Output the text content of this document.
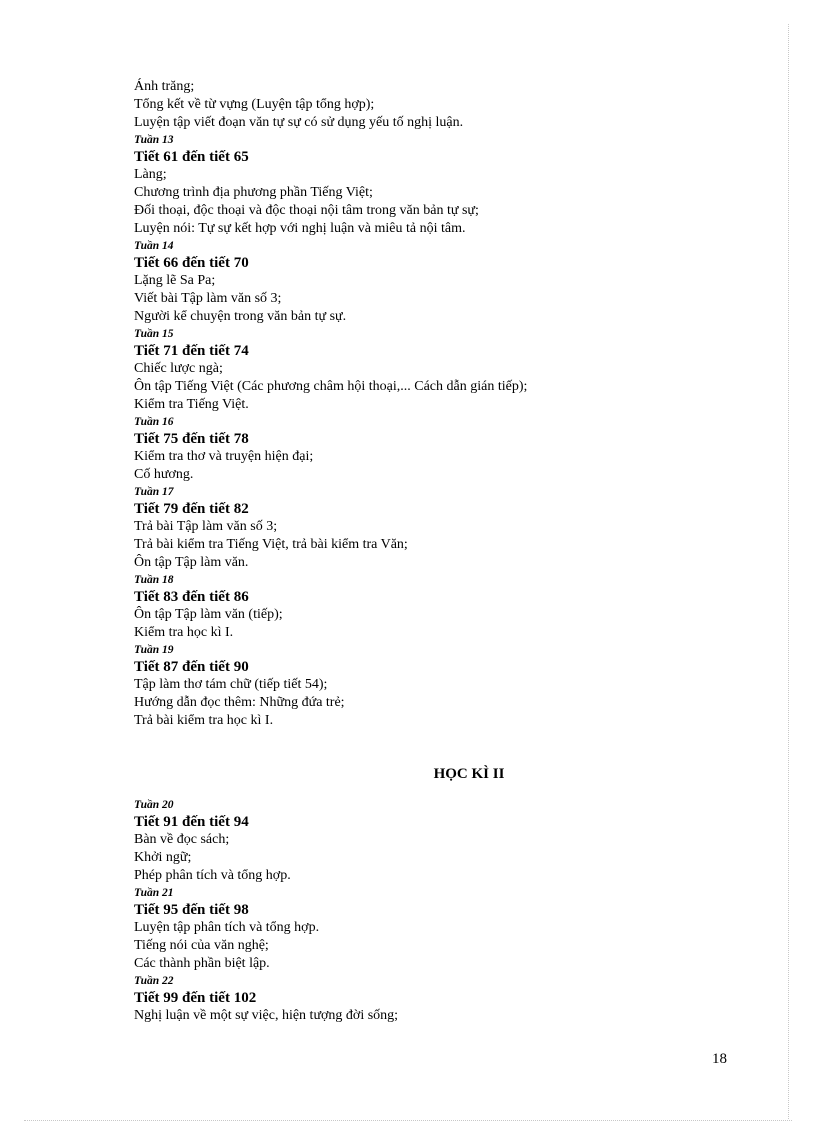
Ánh trăng;
Tổng kết về từ vựng (Luyện tập tổng hợp);
Luyện tập viết đoạn văn tự sự có sử dụng yếu tố nghị luận.
Tuần 13
Tiết 61 đến tiết 65
Làng;
Chương trình địa phương phần Tiếng Việt;
Đối thoại, độc thoại và độc thoại nội tâm trong văn bản tự sự;
Luyện nói: Tự sự kết hợp với nghị luận và miêu tả nội tâm.
Tuần 14
Tiết 66 đến tiết 70
Lặng lẽ Sa Pa;
Viết bài Tập làm văn số 3;
Người kể chuyện trong văn bản tự sự.
Tuần 15
Tiết 71 đến tiết 74
Chiếc lược ngà;
Ôn tập Tiếng Việt (Các phương châm hội thoại,... Cách dẫn gián tiếp);
Kiểm tra Tiếng Việt.
Tuần 16
Tiết 75 đến tiết 78
Kiểm tra thơ và truyện hiện đại;
Cố hương.
Tuần 17
Tiết 79 đến tiết 82
Trả bài Tập làm văn số 3;
Trả bài kiểm tra Tiếng Việt, trả bài kiểm tra Văn;
Ôn tập Tập làm văn.
Tuần 18
Tiết 83 đến tiết 86
Ôn tập Tập làm văn (tiếp);
Kiểm tra học kì I.
Tuần 19
Tiết 87 đến tiết 90
Tập làm thơ tám chữ (tiếp tiết 54);
Hướng dẫn đọc thêm: Những đứa trẻ;
Trả bài kiểm tra học kì I.
HỌC KÌ II
Tuần 20
Tiết 91 đến tiết 94
Bàn về đọc sách;
Khởi ngữ;
Phép phân tích và tổng hợp.
Tuần 21
Tiết 95 đến tiết 98
Luyện tập phân tích và tổng hợp.
Tiếng nói của văn nghệ;
Các thành phần biệt lập.
Tuần 22
Tiết 99 đến tiết 102
Nghị luận về một sự việc, hiện tượng đời sống;
18
